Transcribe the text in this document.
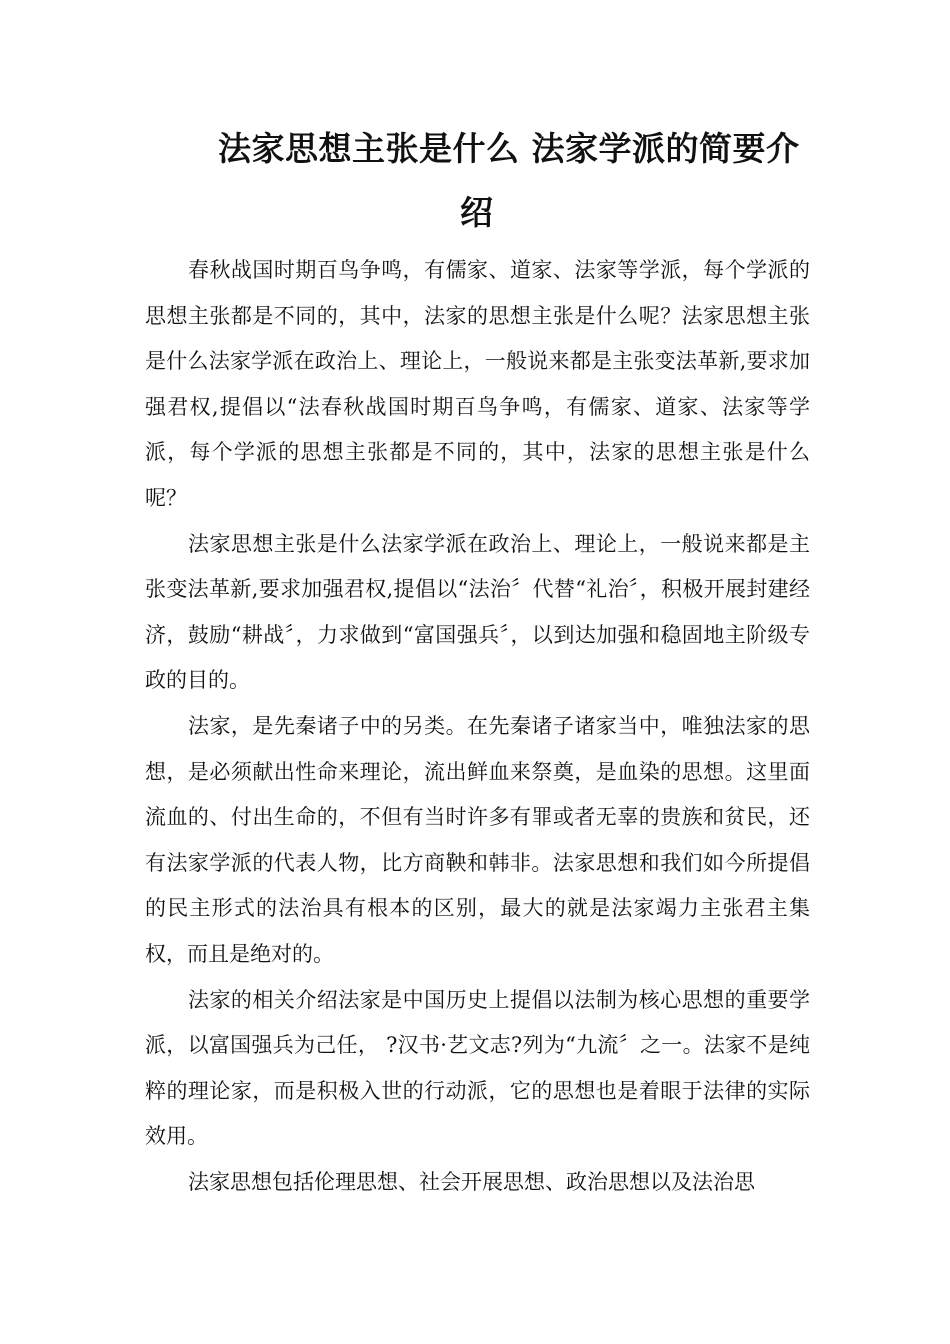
法家思想主张是什么 法家学派的简要介
绍

春秋战国时期百鸟争鸣，有儒家、道家、法家等学派，每个学派的思想主张都是不同的，其中，法家的思想主张是什么呢？法家思想主张是什么法家学派在政治上、理论上，一般说来都是主张变法革新,要求加强君权,提倡以“法春秋战国时期百鸟争鸣，有儒家、道家、法家等学派，每个学派的思想主张都是不同的，其中，法家的思想主张是什么呢？

法家思想主张是什么法家学派在政治上、理论上，一般说来都是主张变法革新,要求加强君权,提倡以“法治〞代替“礼治〞，积极开展封建经济，鼓励“耕战〞，力求做到“富国强兵〞，以到达加强和稳固地主阶级专政的目的。

法家，是先秦诸子中的另类。在先秦诸子诸家当中，唯独法家的思想，是必须献出性命来理论，流出鲜血来祭奠，是血染的思想。这里面流血的、付出生命的，不但有当时许多有罪或者无辜的贵族和贫民，还有法家学派的代表人物，比方商鞅和韩非。法家思想和我们如今所提倡的民主形式的法治具有根本的区别，最大的就是法家竭力主张君主集权，而且是绝对的。

法家的相关介绍法家是中国历史上提倡以法制为核心思想的重要学派，以富国强兵为己任， ?汉书·艺文志?列为“九流〞之一。法家不是纯粹的理论家，而是积极入世的行动派，它的思想也是着眼于法律的实际效用。

法家思想包括伦理思想、社会开展思想、政治思想以及法治思
